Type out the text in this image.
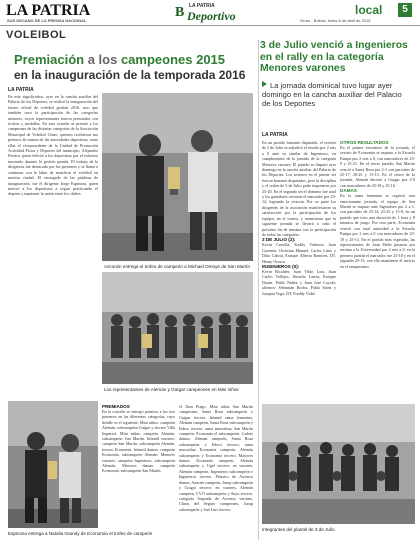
LA PATRIA
SUS DECANO DE LA PRENSA NACIONAL
B LA PATRIA
Deportivo	Oruro - Bolivia, lunes 8 de abril de 2015
local	5
VOLEIBOL
Premiación a los campeones 2015
en la inauguración de la temporada 2016
LA PATRIA
En este significativo, ayer en la cancha auxiliar del Palacio de los Deportes, se realizó la inauguración del torneo oficial de voleibol gestión 2016, acto que también tuvo la participación de las categorías menores, cuyos representantes fueron premiados con trofeos y medallas. En esta ocasión se premió a los campeones de las distintas categorías de la Asociación Municipal de Voleibol Oruro, quienes recibieron sus premios de manos de las autoridades deportivas, entre ellas el vicepresidente de la Unidad de Promoción Actividad Física y Deportes del municipio, Alejandro Pereira, quien felicitó a los deportistas por el esfuerzo mostrado durante la gestión pasada. El trabajo de la dirigencia fue destacado por los presentes y se llamó a continuar con la labor de masificar el voleibol en nuestra ciudad. El encargado de las palabras de inauguración, fue el dirigente Jorge Espinoza, quien motivó a los deportistas a seguir practicando el deporte y mantener la unión entre los clubes.
Azcomin entrega el trofeo de campeón a Michael Omoye de San Martín
Los representantes de Alemán y Gutgar campeones en Mini niños
Espinoza entrega a Natalia Grandy de Economía el trofeo de campeón
PREMIADOS
En la ocasión se entregó premios a los tres primeros en las diferentes categorías, cuyo detalle es el siguiente: Mini niños: campeón Alemán, subcampeón Gutgar y tercero Villa Imperial. Mini niñas: campeón Alemán, subcampeón San Martín. Infantil varones: campeón San Martín, subcampeón Alemán, tercero Economía. Infantil damas: campeón Economía, subcampeón Alemán. Menores varones: campeón Ingenieros, subcampeón Alemán. Menores damas: campeón Economía, subcampeón San Martín.
el Jhon Prago, Mini niñas San Martín campeones, Santa Rosa subcampeón y Gutgar tercero. Infantil rama femenina, Alemán campeón, Santa Rosa subcampeón y Edeco tercero; rama masculina, San Martín campeón, Economía el subcampeón. Cadete damas: Alemán campeón, Santa Rosa subcampeón y Edeco tercero; rama masculina Economía campeón, Alemán subcampeón y Economía tercero. Mayores damas: Economía campeón, Alemán subcampeón y Ugel tercero; en varones, Alemán campeón, Ingenieros subcampeón e Ingenieros tercero. Primero de Ascenso damas, Azurtes campeón, Jurup subcampeón y Gutgar tercero; en varones, Alemán campeón, CVO subcampeón y Suyu tercero, categoría Segunda de Ascenso varones, Chaos del Seguro campeones, Jurup subcampeón y San Luis tercero.
3 de Julio venció a Ingenieros en el rally en la categoría Menores varones
La jornada dominical tuvo lugar ayer domingo en la cancha auxiliar del Palacio de los Deportes
LA PATRIA
En un partido bastante disputado, el sexteto de 3 de Julio se adjudicó el triunfo por 2 sets a 0 ante su similar de Ingenieros, en cumplimiento de la jornada de la categoría Menores varones. El partido se disputó ayer domingo en la cancha auxiliar del Palacio de los Deportes. Los sextetos en el primer set fueron bastante disputados, pero la disciplina y el orden de 3 de Julio pudo imponerse por 25-20. En el segundo set el dominio fue total y los ganadores cerraron el marcador por 25-14, logrando la victoria. Por su parte los dirigentes de la asociación manifestaron su satisfacción por la participación de los equipos en el torneo, y anunciaron que la siguiente jornada se llevará a cabo el próximo fin de semana con la participación de todas las categorías.
3 DE JULIO (2):
Kevin Cravilla, Kaddy Valencia, Juan Guzmán, Christian Manuel, Carlos Limo y Ditto Cabral, Enrique Alberto Ramírez, DT. Henry Orosco.
INGENIEROS (0):
Kevin Ricaldez, Juan Vildo Lora, Juan Carlos Vallejos, Jhoselio Larrea, Enrique Durán, Pablo Nuñez y Juan José Loyola; alternos: Sebastián Rocha, Pablo Sainz y Joaquín Vega; DT. Freddy Vidal.
OTROS RESULTADOS
En el primer encuentro de la jornada, el sexteto de Economía se impuso a la Escuela Pampa por 2 sets a 0, con marcadores de 25-9 y 25-21. En el tercer partido, San Martín venció a Santa Rosa por 2-1 con parciales de 25-17, 20-25 y 15-13. En el cierre de la jornada, Alemán derrotó a Gutgar por 2-0 con marcadores de 25-18 y 25-16.
DAMAS
En la rama femenina se registró otra emocionante jornada, el equipo de San Martín se impuso ante Ingenieros por 2 a 1, con parciales de 25-14, 21-25 y 15-8, en un partido que tuvo una duración de 1 hora y 8 minutos de juego. Por otra parte, Economía venció con total autoridad a la Escuela Pampa por 2 sets a 0 con marcadores de 25-10 y 25-13. En el partido más esperado, las representantes de Juan Pablo pasaron por encima a la Universidad por 2 sets a 0, en la primera partida el marcador fue 25-18 y en el segundo 25-15, con ello mantienen el invicto en el campeonato.
Integrantes del plantel de 3 de Julio
